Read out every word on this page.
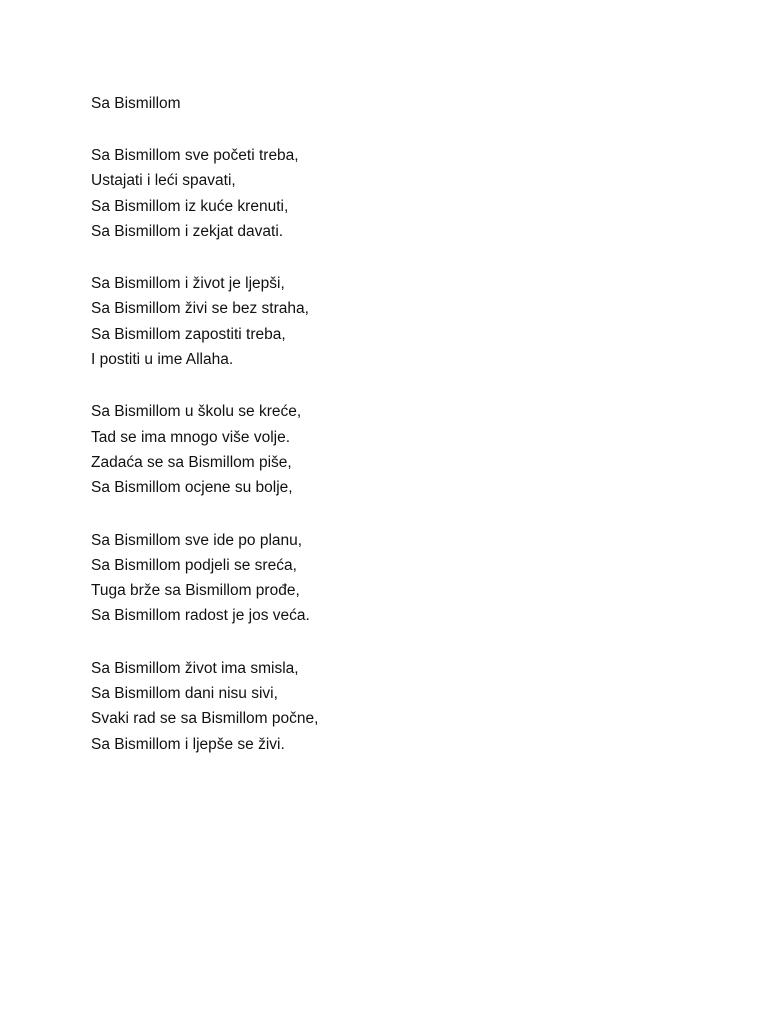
Sa Bismillom
Sa Bismillom sve početi treba,
Ustajati i leći spavati,
Sa Bismillom iz kuće krenuti,
Sa Bismillom i zekjat davati.
Sa Bismillom i život je ljepši,
Sa Bismillom živi se bez straha,
Sa Bismillom zapostiti treba,
I postiti u ime Allaha.
Sa Bismillom u školu se kreće,
Tad se ima mnogo više volje.
Zadaća se sa Bismillom piše,
Sa Bismillom ocjene su bolje,
Sa Bismillom sve ide po planu,
Sa Bismillom podjeli se sreća,
Tuga brže sa Bismillom prođe,
Sa Bismillom radost je jos veća.
Sa Bismillom život ima smisla,
Sa Bismillom dani nisu sivi,
Svaki rad se sa Bismillom počne,
Sa Bismillom i ljepše se živi.
